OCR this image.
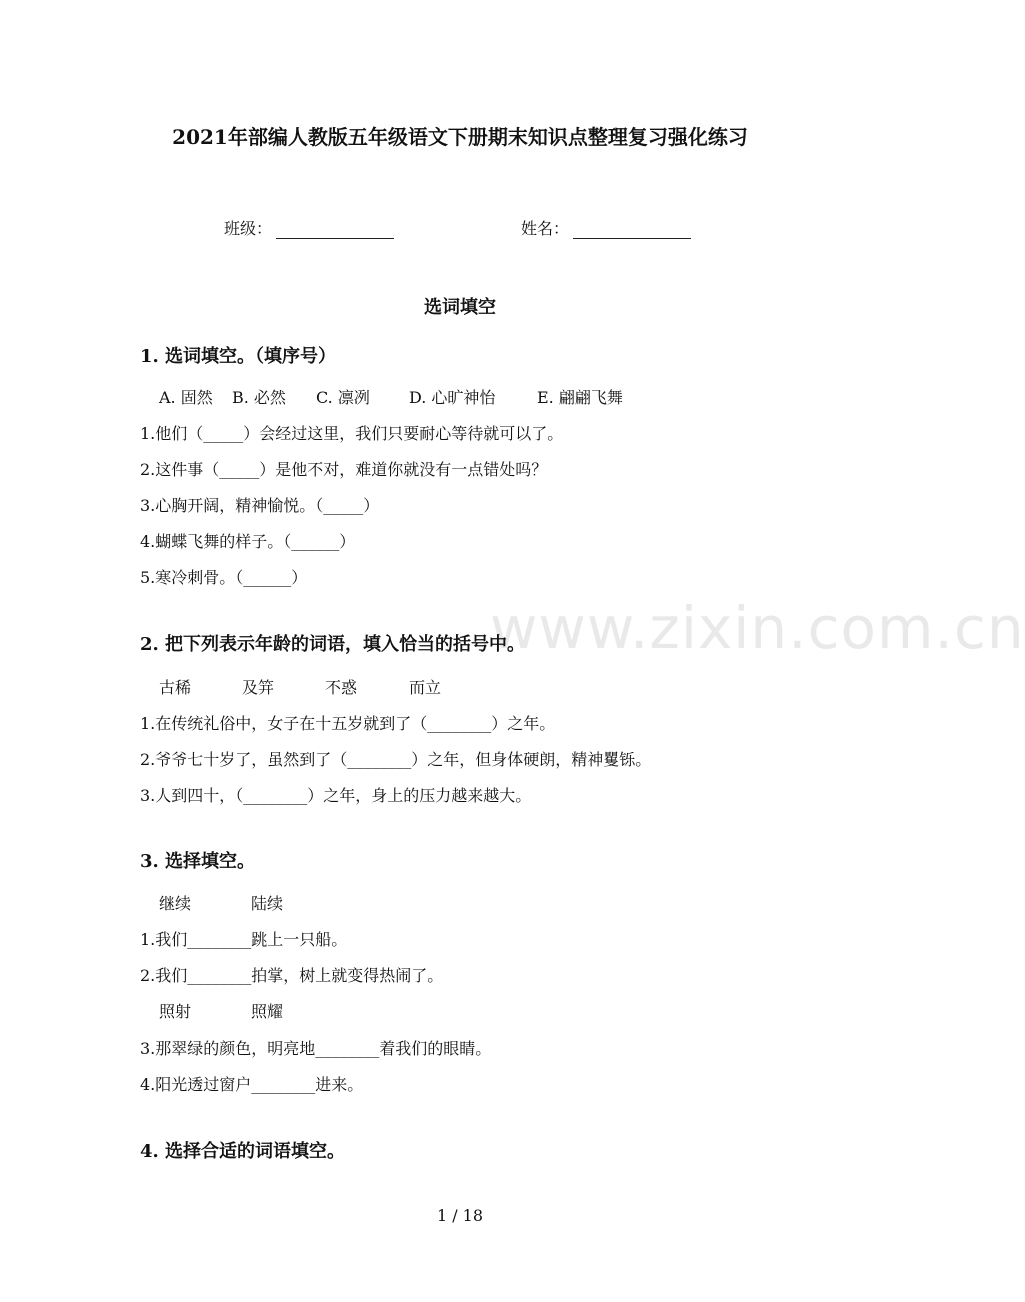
www.zixin.com.cn
2021年部编人教版五年级语文下册期末知识点整理复习强化练习
班级：	姓名：
选词填空
1. 选词填空。（填序号）
A. 固然 B. 必然 C. 凛冽 D. 心旷神怡	E. 翩翩飞舞
1.他们（_____）会经过这里，我们只要耐心等待就可以了。
2.这件事（_____）是他不对，难道你就没有一点错处吗？
3.心胸开阔，精神愉悦。（_____）
4.蝴蝶飞舞的样子。（______）
5.寒冷刺骨。（______）
2. 把下列表示年龄的词语，填入恰当的括号中。
古稀	及笄	不惑	而立
1.在传统礼俗中，女子在十五岁就到了（________）之年。
2.爷爷七十岁了，虽然到了（________）之年，但身体硬朗，精神矍铄。
3.人到四十，（________）之年，身上的压力越来越大。
3. 选择填空。
继续	陆续
1.我们________跳上一只船。
2.我们________拍掌，树上就变得热闹了。
照射	照耀
3.那翠绿的颜色，明亮地________着我们的眼睛。
4.阳光透过窗户________进来。
4. 选择合适的词语填空。
1 / 18
